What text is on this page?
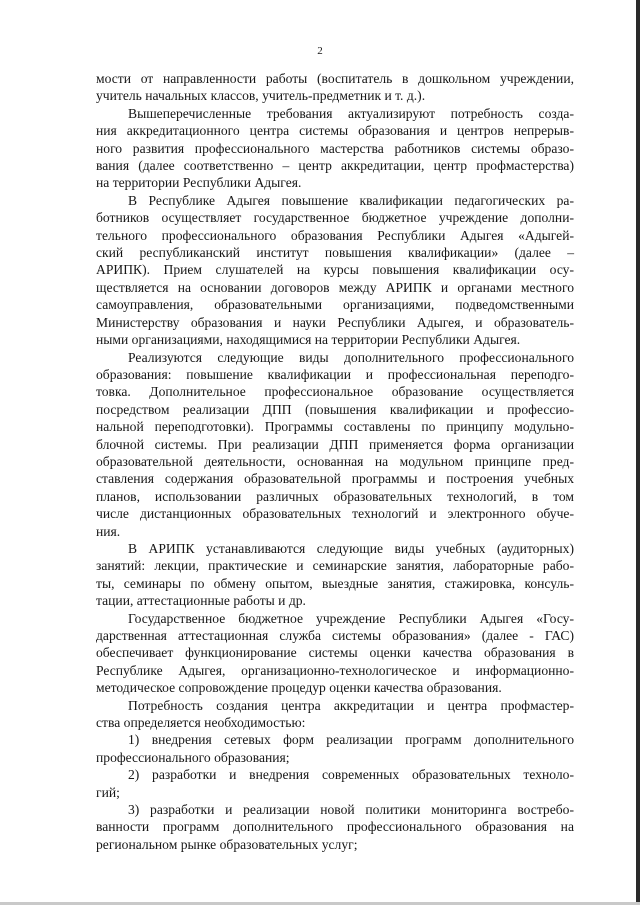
2

мости от направленности работы (воспитатель в дошкольном учреждении,

учитель начальных классов, учитель-предметник и т. д.).

Вышеперечисленные требования актуализируют потребность созда-

ния аккредитационного центра системы образования и центров непрерыв-

ного развития профессионального мастерства работников системы образо-

вания (далее соответственно – центр аккредитации, центр профмастерства)

на территории Республики Адыгея.

В Республике Адыгея повышение квалификации педагогических ра-

ботников осуществляет государственное бюджетное учреждение дополни-

тельного профессионального образования Республики Адыгея «Адыгей-

ский республиканский институт повышения квалификации» (далее –

АРИПК). Прием слушателей на курсы повышения квалификации осу-

ществляется на основании договоров между АРИПК и органами местного

самоуправления, образовательными организациями, подведомственными

Министерству образования и науки Республики Адыгея, и образователь-

ными организациями, находящимися на территории Республики Адыгея.

Реализуются следующие виды дополнительного профессионального

образования: повышение квалификации и профессиональная переподго-

товка. Дополнительное профессиональное образование осуществляется

посредством реализации ДПП (повышения квалификации и профессио-

нальной переподготовки). Программы составлены по принципу модульно-

блочной системы. При реализации ДПП применяется форма организации

образовательной деятельности, основанная на модульном принципе пред-

ставления содержания образовательной программы и построения учебных

планов, использовании различных образовательных технологий, в том

числе дистанционных образовательных технологий и электронного обуче-

ния.

В АРИПК устанавливаются следующие виды учебных (аудиторных)

занятий: лекции, практические и семинарские занятия, лабораторные рабо-

ты, семинары по обмену опытом, выездные занятия, стажировка, консуль-

тации, аттестационные работы и др.

Государственное бюджетное учреждение Республики Адыгея «Госу-

дарственная аттестационная служба системы образования» (далее - ГАС)

обеспечивает функционирование системы оценки качества образования в

Республике Адыгея, организационно-технологическое и информационно-

методическое сопровождение процедур оценки качества образования.

Потребность создания центра аккредитации и центра профмастер-

ства определяется необходимостью:

1) внедрения сетевых форм реализации программ дополнительного

профессионального образования;

2) разработки и внедрения современных образовательных техноло-

гий;

3) разработки и реализации новой политики мониторинга востребо-

ванности программ дополнительного профессионального образования на

региональном рынке образовательных услуг;
